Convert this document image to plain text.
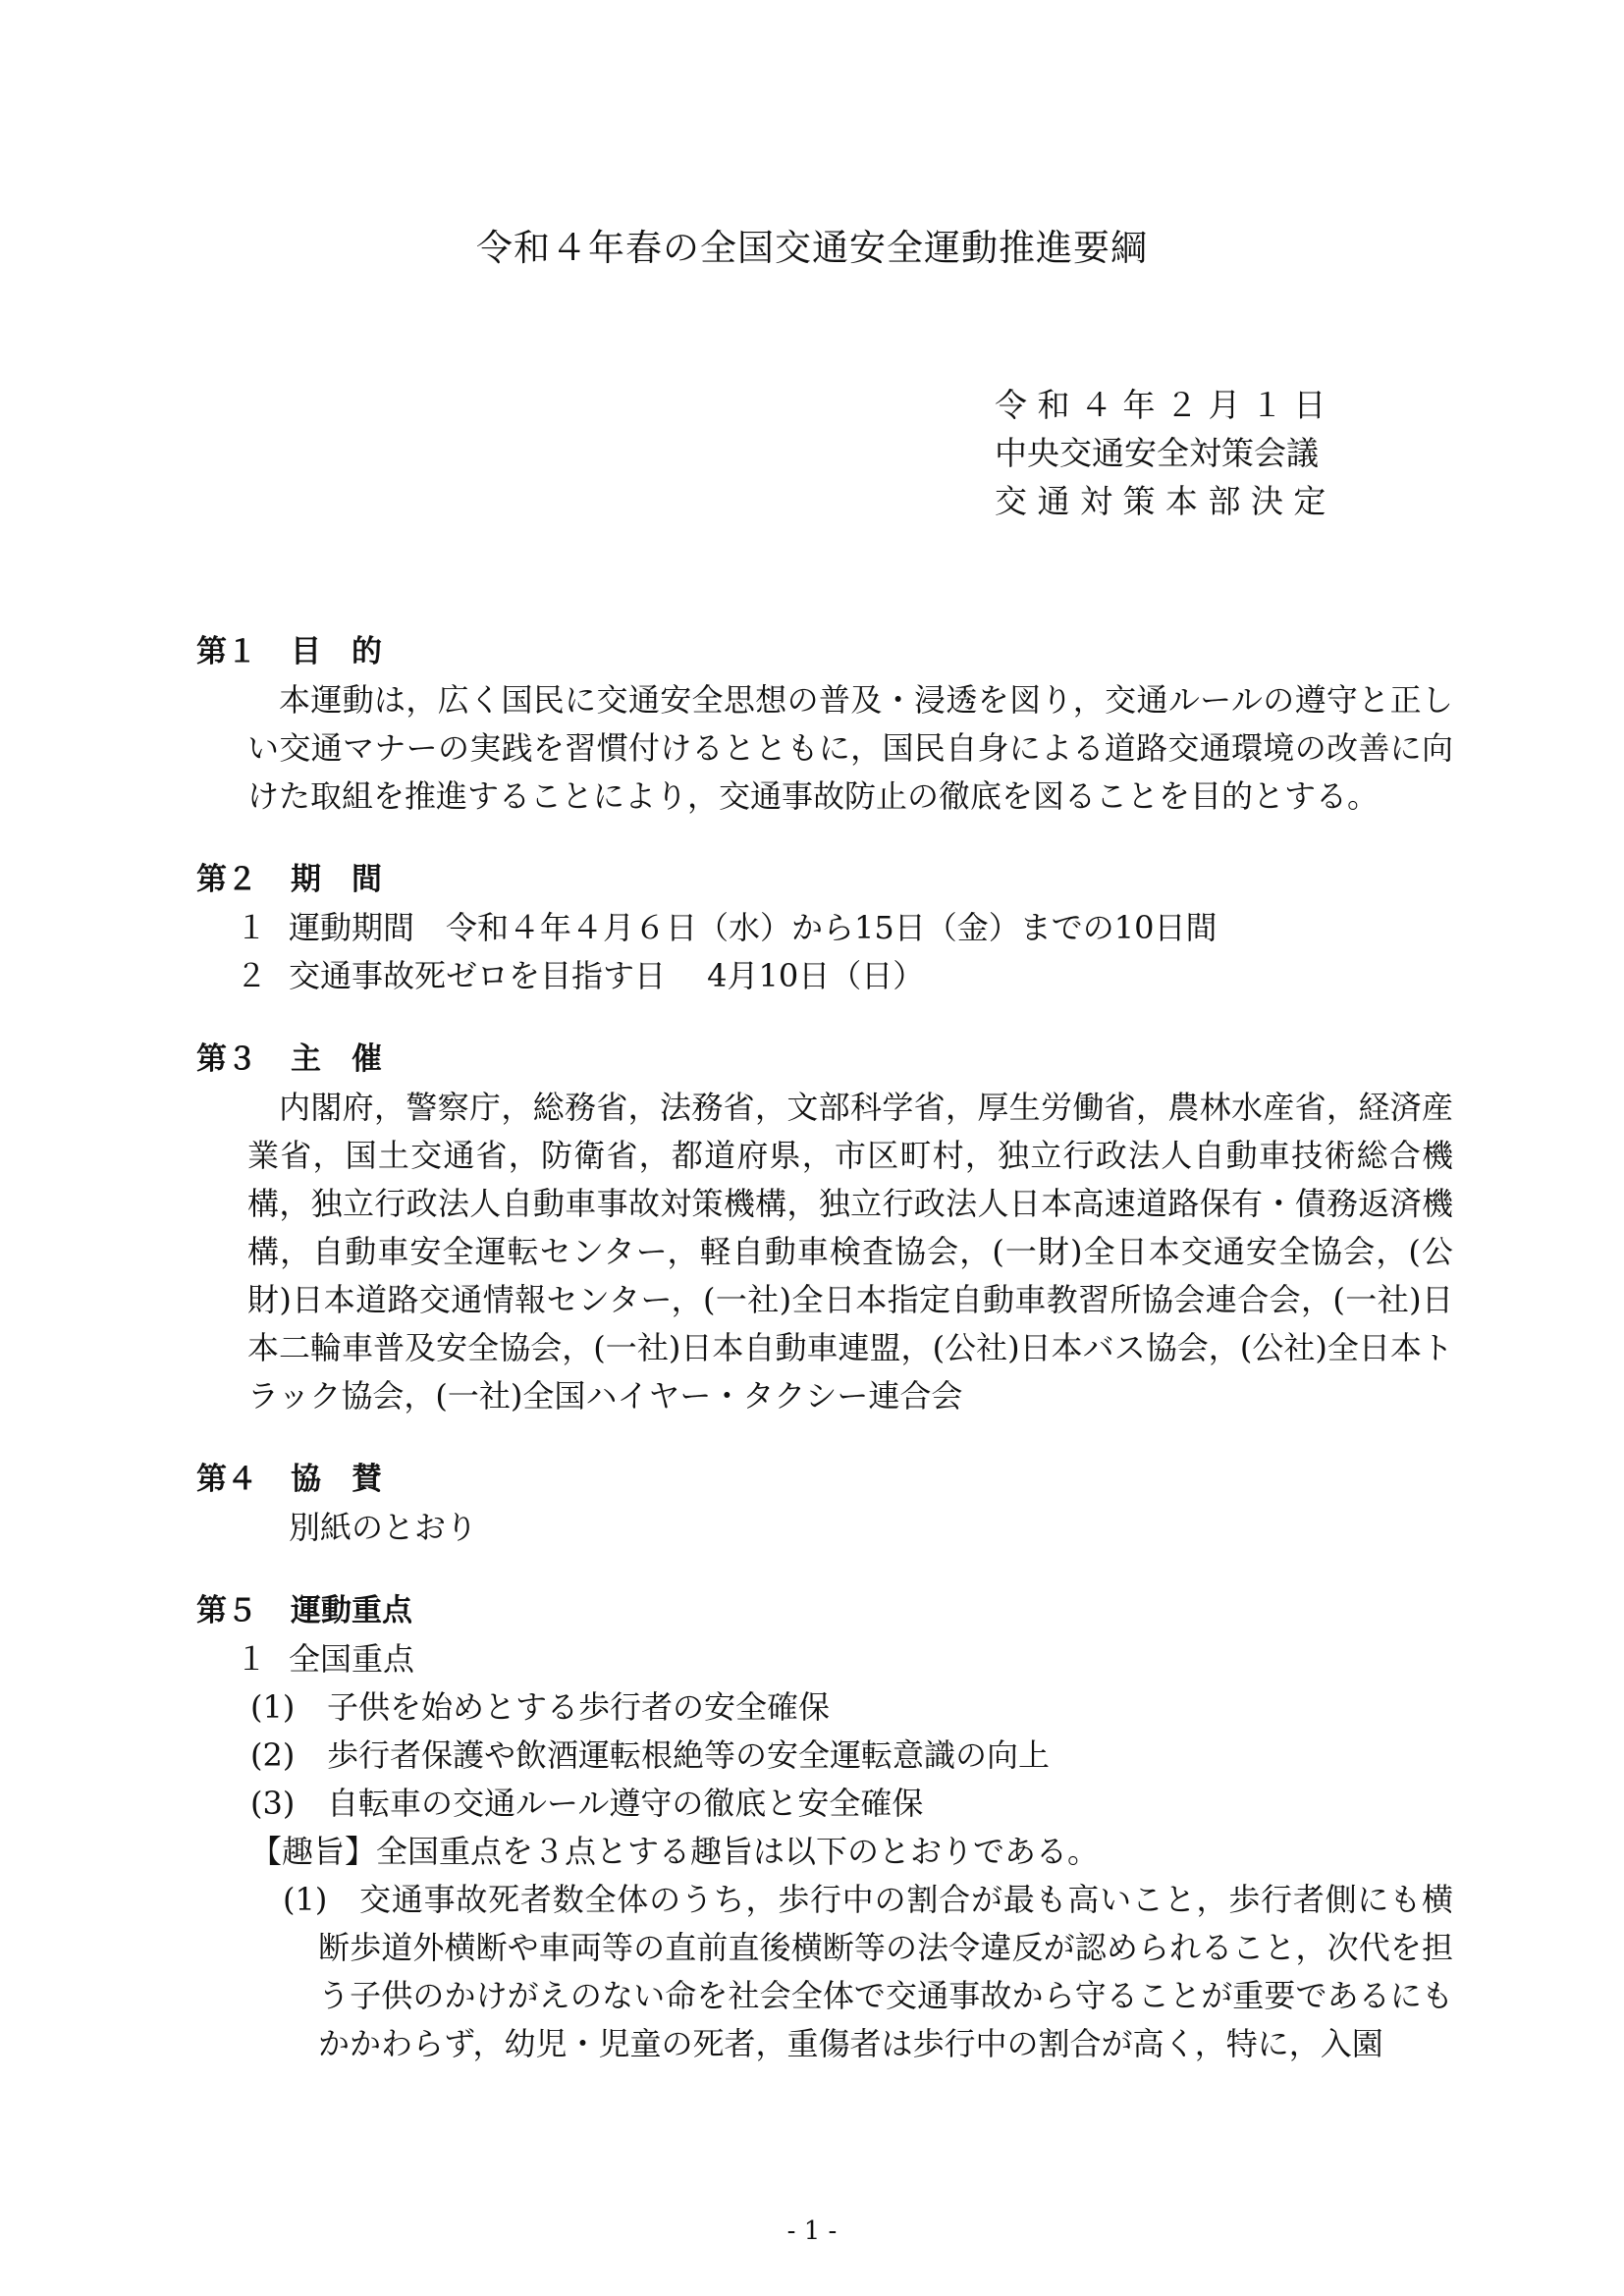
令和４年春の全国交通安全運動推進要綱
令 和 ４ 年 ２ 月 １ 日
中央交通安全対策会議
交 通 対 策 本 部 決 定
第１ 目　的
本運動は，広く国民に交通安全思想の普及・浸透を図り，交通ルールの遵守と正しい交通マナーの実践を習慣付けるとともに，国民自身による道路交通環境の改善に向けた取組を推進することにより，交通事故防止の徹底を図ることを目的とする。
第２ 期　間
１ 運動期間　令和４年４月６日（水）から15日（金）までの10日間
２ 交通事故死ゼロを目指す日　 4月10日（日）
第３ 主　催
内閣府，警察庁，総務省，法務省，文部科学省，厚生労働省，農林水産省，経済産業省，国土交通省，防衛省，都道府県，市区町村，独立行政法人自動車技術総合機構，独立行政法人自動車事故対策機構，独立行政法人日本高速道路保有・債務返済機構，自動車安全運転センター，軽自動車検査協会，(一財)全日本交通安全協会，(公財)日本道路交通情報センター，(一社)全日本指定自動車教習所協会連合会，(一社)日本二輪車普及安全協会，(一社)日本自動車連盟，(公社)日本バス協会，(公社)全日本トラック協会，(一社)全国ハイヤー・タクシー連合会
第４ 協　賛
別紙のとおり
第５ 運動重点
１ 全国重点
(1) 子供を始めとする歩行者の安全確保
(2) 歩行者保護や飲酒運転根絶等の安全運転意識の向上
(3) 自転車の交通ルール遵守の徹底と安全確保
【趣旨】全国重点を３点とする趣旨は以下のとおりである。
(1)	交通事故死者数全体のうち，歩行中の割合が最も高いこと，歩行者側にも横断歩道外横断や車両等の直前直後横断等の法令違反が認められること，次代を担う子供のかけがえのない命を社会全体で交通事故から守ることが重要であるにもかかわらず，幼児・児童の死者，重傷者は歩行中の割合が高く，特に，入園
- 1 -
